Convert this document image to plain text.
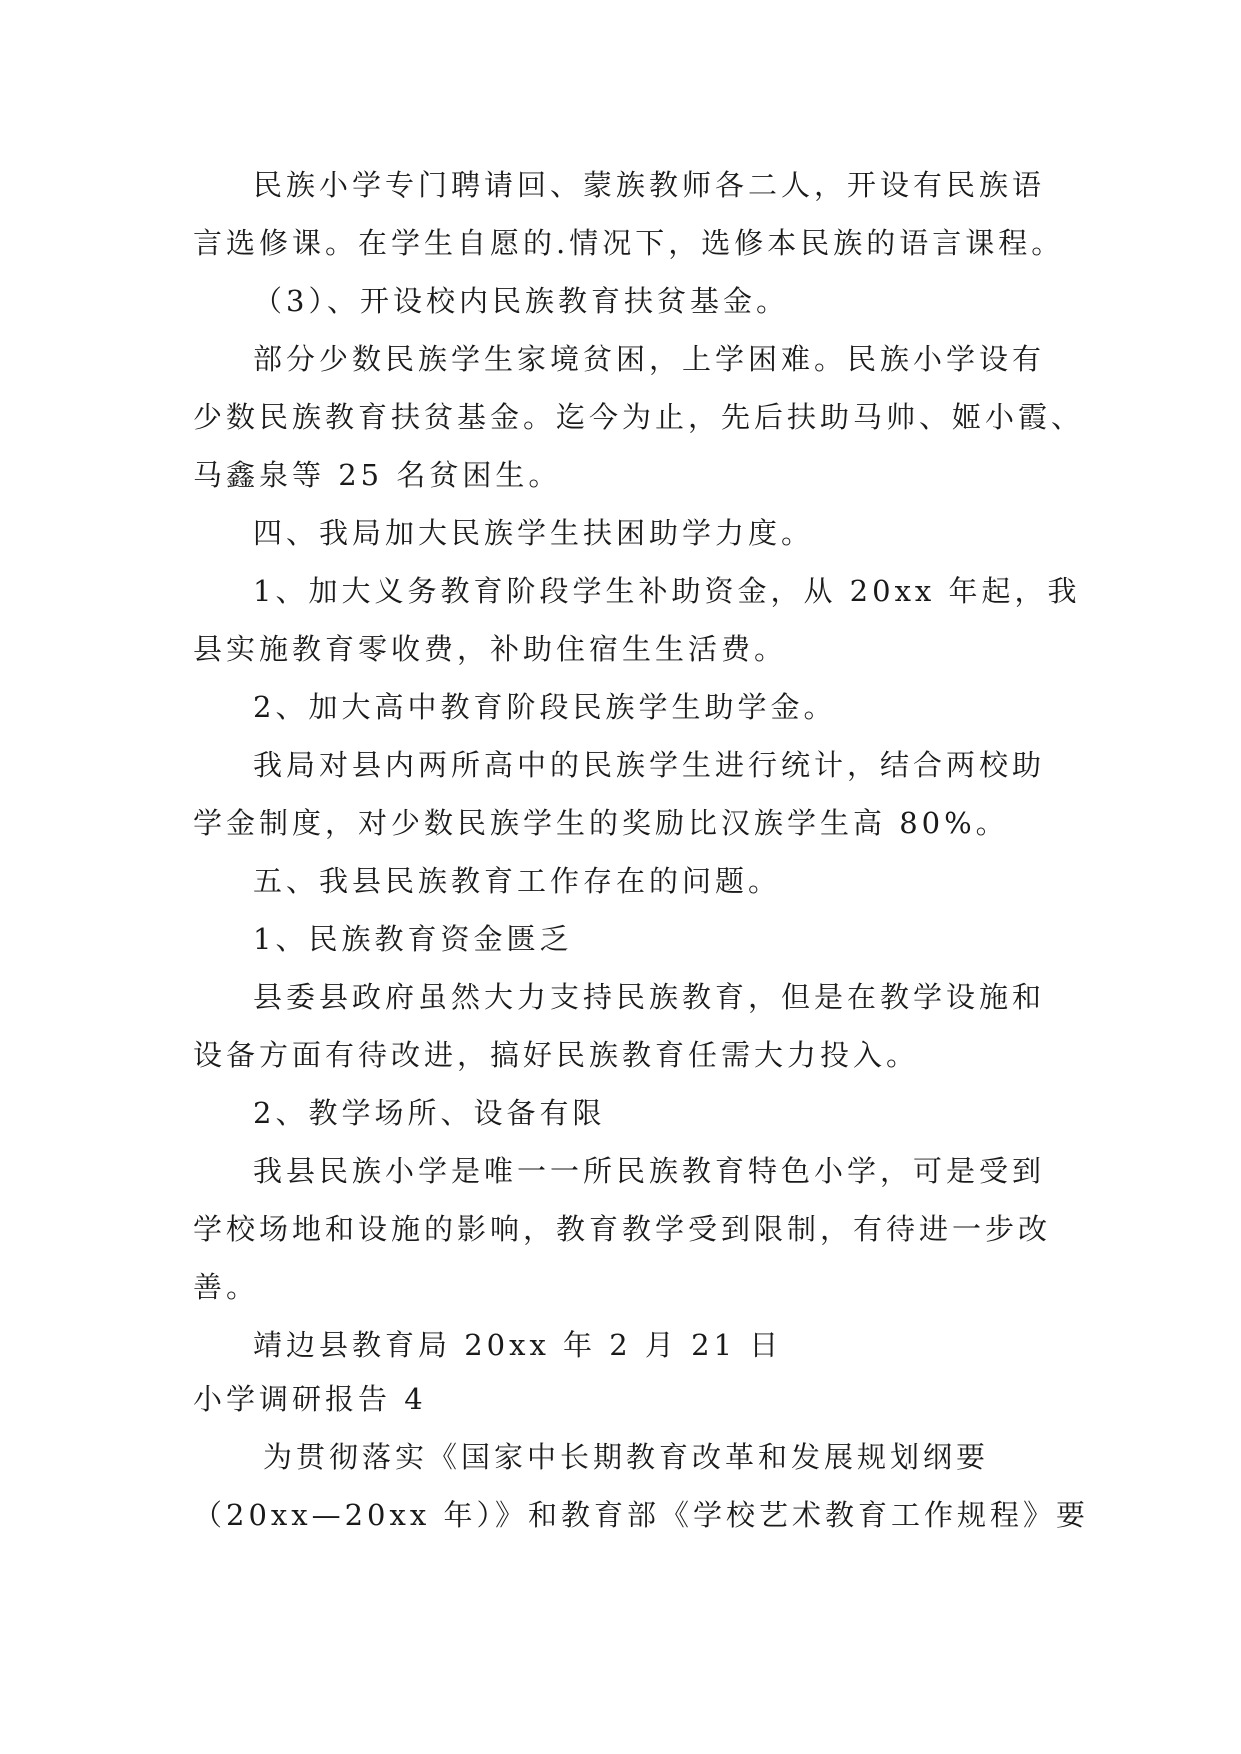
民族小学专门聘请回、蒙族教师各二人，开设有民族语
言选修课。在学生自愿的.情况下，选修本民族的语言课程。
（3）、开设校内民族教育扶贫基金。
部分少数民族学生家境贫困，上学困难。民族小学设有
少数民族教育扶贫基金。迄今为止，先后扶助马帅、姬小霞、
马鑫泉等 25 名贫困生。
四、我局加大民族学生扶困助学力度。
1、加大义务教育阶段学生补助资金，从 20xx 年起，我
县实施教育零收费，补助住宿生生活费。
2、加大高中教育阶段民族学生助学金。
我局对县内两所高中的民族学生进行统计，结合两校助
学金制度，对少数民族学生的奖励比汉族学生高 80%。
五、我县民族教育工作存在的问题。
1、民族教育资金匮乏
县委县政府虽然大力支持民族教育，但是在教学设施和
设备方面有待改进，搞好民族教育任需大力投入。
2、教学场所、设备有限
我县民族小学是唯一一所民族教育特色小学，可是受到
学校场地和设施的影响，教育教学受到限制，有待进一步改
善。
靖边县教育局 20xx 年 2 月 21 日
小学调研报告 4
为贯彻落实《国家中长期教育改革和发展规划纲要
（20xx—20xx 年）》和教育部《学校艺术教育工作规程》要
